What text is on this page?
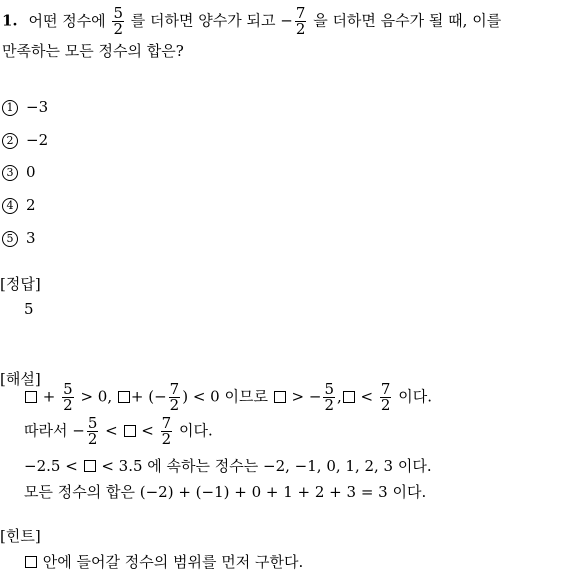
1. 어떤 정수에 $\frac{5}{2}$ 를 더하면 양수가 되고 − $\frac{7}{2}$ 을 더하면 음수가 될 때, 이를
만족하는 모든 정수의 합은?
1 −3
2 −2
3 0
4 2
5 3
[정답]
5
[해설]
+ $\frac{5}{2} > 0$, + (− $\frac{7}{2}$ ) < 0 이므로 > − $\frac{5}{2}$ , < $\frac{7}{2}$ 이다.
따라서 − $\frac{5}{2}$ < < $\frac{7}{2}$ 이다.
−2.5 < < 3.5 에 속하는 정수는 −2, −1, 0, 1, 2, 3 이다.
모든 정수의 합은 (−2) + (−1) + 0 + 1 + 2 + 3 = 3 이다.
[힌트]
안에 들어갈 정수의 범위를 먼저 구한다.
